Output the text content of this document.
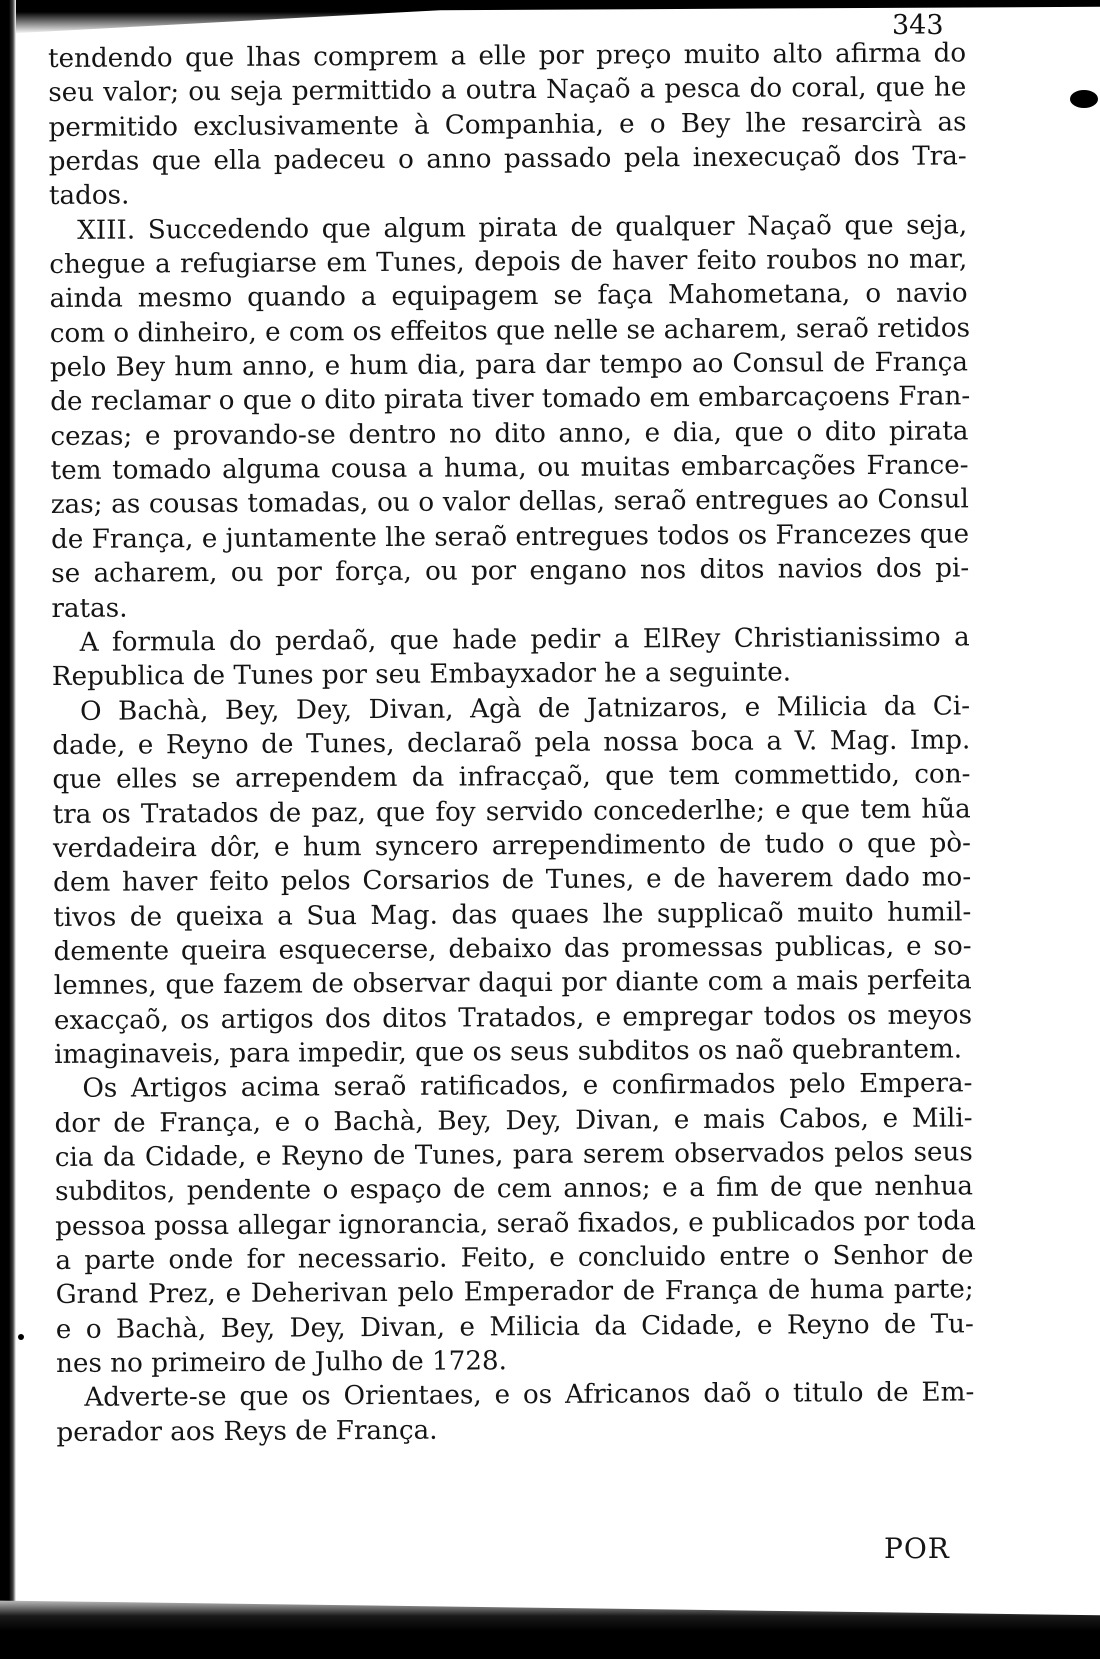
343
tendendo que lhas comprem a elle por preço muito alto afirma do
seu valor; ou seja permittido a outra Naçaõ a pesca do coral, que he
permitido exclusivamente à Companhia, e o Bey lhe resarcirà as
perdas que ella padeceu o anno passado pela inexecuçaõ dos Tra-
tados.
XIII. Succedendo que algum pirata de qualquer Naçaõ que seja,
chegue a refugiarse em Tunes, depois de haver feito roubos no mar,
ainda mesmo quando a equipagem se faça Mahometana, o navio
com o dinheiro, e com os effeitos que nelle se acharem, seraõ retidos
pelo Bey hum anno, e hum dia, para dar tempo ao Consul de França
de reclamar o que o dito pirata tiver tomado em embarcaçoens Fran-
cezas; e provando-se dentro no dito anno, e dia, que o dito pirata
tem tomado alguma cousa a huma, ou muitas embarcações France-
zas; as cousas tomadas, ou o valor dellas, seraõ entregues ao Consul
de França, e juntamente lhe seraõ entregues todos os Francezes que
se acharem, ou por força, ou por engano nos ditos navios dos pi-
ratas.
A formula do perdaõ, que hade pedir a ElRey Christianissimo a
Republica de Tunes por seu Embayxador he a seguinte.
O Bachà, Bey, Dey, Divan, Agà de Jatnizaros, e Milicia da Ci-
dade, e Reyno de Tunes, declaraõ pela nossa boca a V. Mag. Imp.
que elles se arrependem da infracçaõ, que tem commettido, con-
tra os Tratados de paz, que foy servido concederlhe; e que tem hũa
verdadeira dôr, e hum syncero arrependimento de tudo o que pò-
dem haver feito pelos Corsarios de Tunes, e de haverem dado mo-
tivos de queixa a Sua Mag. das quaes lhe supplicaõ muito humil-
demente queira esquecerse, debaixo das promessas publicas, e so-
lemnes, que fazem de observar daqui por diante com a mais perfeita
exacçaõ, os artigos dos ditos Tratados, e empregar todos os meyos
imaginaveis, para impedir, que os seus subditos os naõ quebrantem.
Os Artigos acima seraõ ratificados, e confirmados pelo Empera-
dor de França, e o Bachà, Bey, Dey, Divan, e mais Cabos, e Mili-
cia da Cidade, e Reyno de Tunes, para serem observados pelos seus
subditos, pendente o espaço de cem annos; e a fim de que nenhua
pessoa possa allegar ignorancia, seraõ fixados, e publicados por toda
a parte onde for necessario. Feito, e concluido entre o Senhor de
Grand Prez, e Deherivan pelo Emperador de França de huma parte;
e o Bachà, Bey, Dey, Divan, e Milicia da Cidade, e Reyno de Tu-
nes no primeiro de Julho de 1728.
Adverte-se que os Orientaes, e os Africanos daõ o titulo de Em-
perador aos Reys de França.
POR
